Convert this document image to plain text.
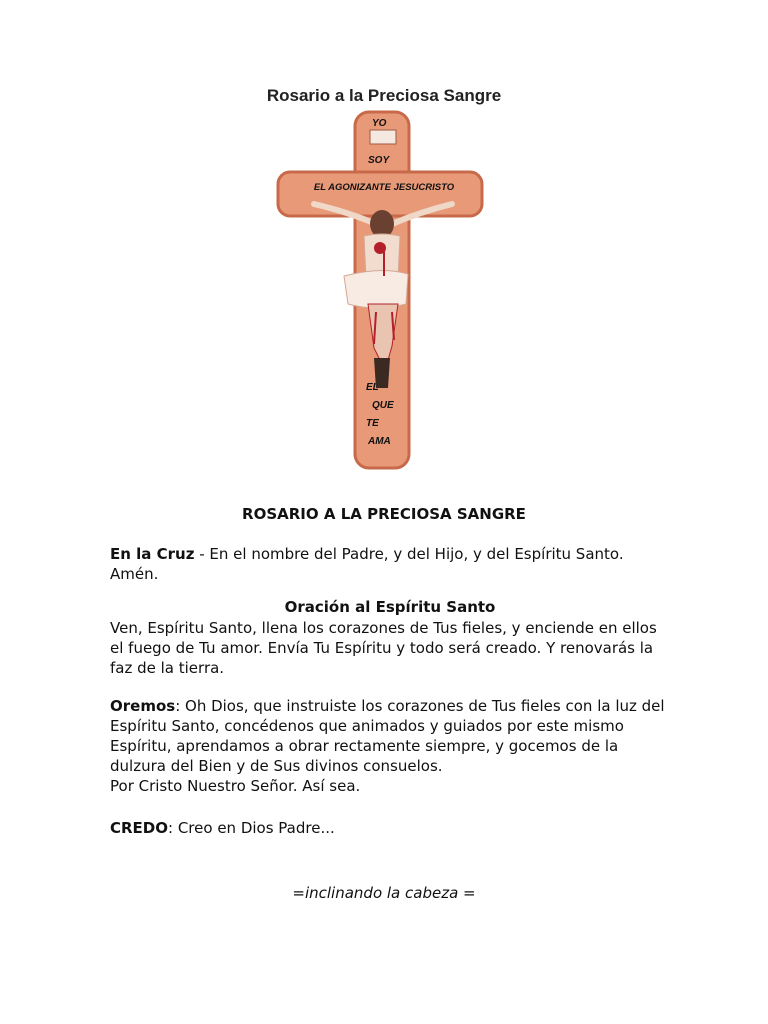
Rosario a la Preciosa Sangre
YO
SOY
EL AGONIZANTE JESUCRISTO
EL
QUE
TE
AMA
ROSARIO A LA PRECIOSA SANGRE
En la Cruz - En el nombre del Padre, y del Hijo, y del Espíritu Santo. Amén.
Oración al Espíritu Santo
Ven, Espíritu Santo, llena los corazones de Tus fieles, y enciende en ellos el fuego de Tu amor. Envía Tu Espíritu y todo será creado. Y renovarás la faz de la tierra.
Oremos: Oh Dios, que instruiste los corazones de Tus fieles con la luz del Espíritu Santo, concédenos que animados y guiados por este mismo Espíritu, aprendamos a obrar rectamente siempre, y gocemos de la dulzura del Bien y de Sus divinos consuelos.
Por Cristo Nuestro Señor. Así sea.
CREDO: Creo en Dios Padre...
=inclinando la cabeza =
